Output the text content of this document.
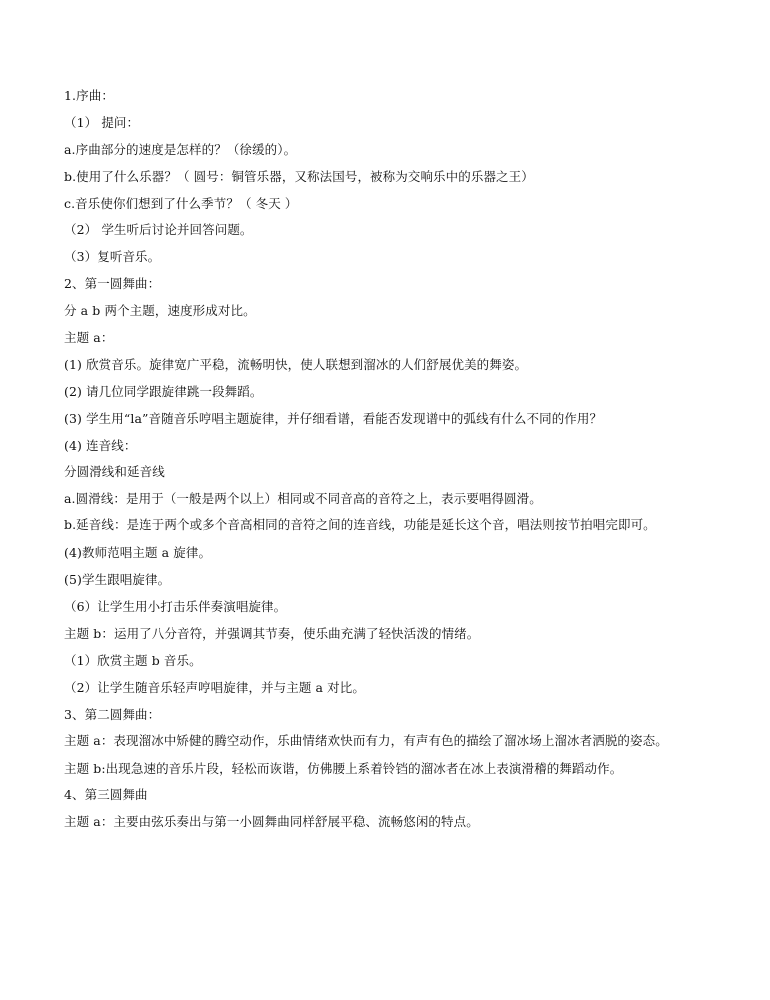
1.序曲：
（1） 提问：
a.序曲部分的速度是怎样的？（徐缓的）。
b.使用了什么乐器？（ 圆号：铜管乐器，又称法国号，被称为交响乐中的乐器之王）
c.音乐使你们想到了什么季节？（ 冬天 ）
（2） 学生听后讨论并回答问题。
（3）复听音乐。
2、第一圆舞曲：
分 a b 两个主题，速度形成对比。
主题 a：
(1) 欣赏音乐。旋律宽广平稳，流畅明快，使人联想到溜冰的人们舒展优美的舞姿。
(2) 请几位同学跟旋律跳一段舞蹈。
(3) 学生用“la”音随音乐哼唱主题旋律，并仔细看谱，看能否发现谱中的弧线有什么不同的作用？
(4) 连音线：
分圆滑线和延音线
a.圆滑线：是用于（一般是两个以上）相同或不同音高的音符之上，表示要唱得圆滑。
b.延音线：是连于两个或多个音高相同的音符之间的连音线，功能是延长这个音，唱法则按节拍唱完即可。
(4)教师范唱主题 a 旋律。
(5)学生跟唱旋律。
（6）让学生用小打击乐伴奏演唱旋律。
主题 b：运用了八分音符，并强调其节奏，使乐曲充满了轻快活泼的情绪。
（1）欣赏主题 b 音乐。
（2）让学生随音乐轻声哼唱旋律，并与主题 a 对比。
3、第二圆舞曲：
主题 a：表现溜冰中矫健的腾空动作，乐曲情绪欢快而有力，有声有色的描绘了溜冰场上溜冰者洒脱的姿态。
主题 b:出现急速的音乐片段，轻松而诙谐，仿佛腰上系着铃铛的溜冰者在冰上表演滑稽的舞蹈动作。
4、第三圆舞曲
主题 a：主要由弦乐奏出与第一小圆舞曲同样舒展平稳、流畅悠闲的特点。
